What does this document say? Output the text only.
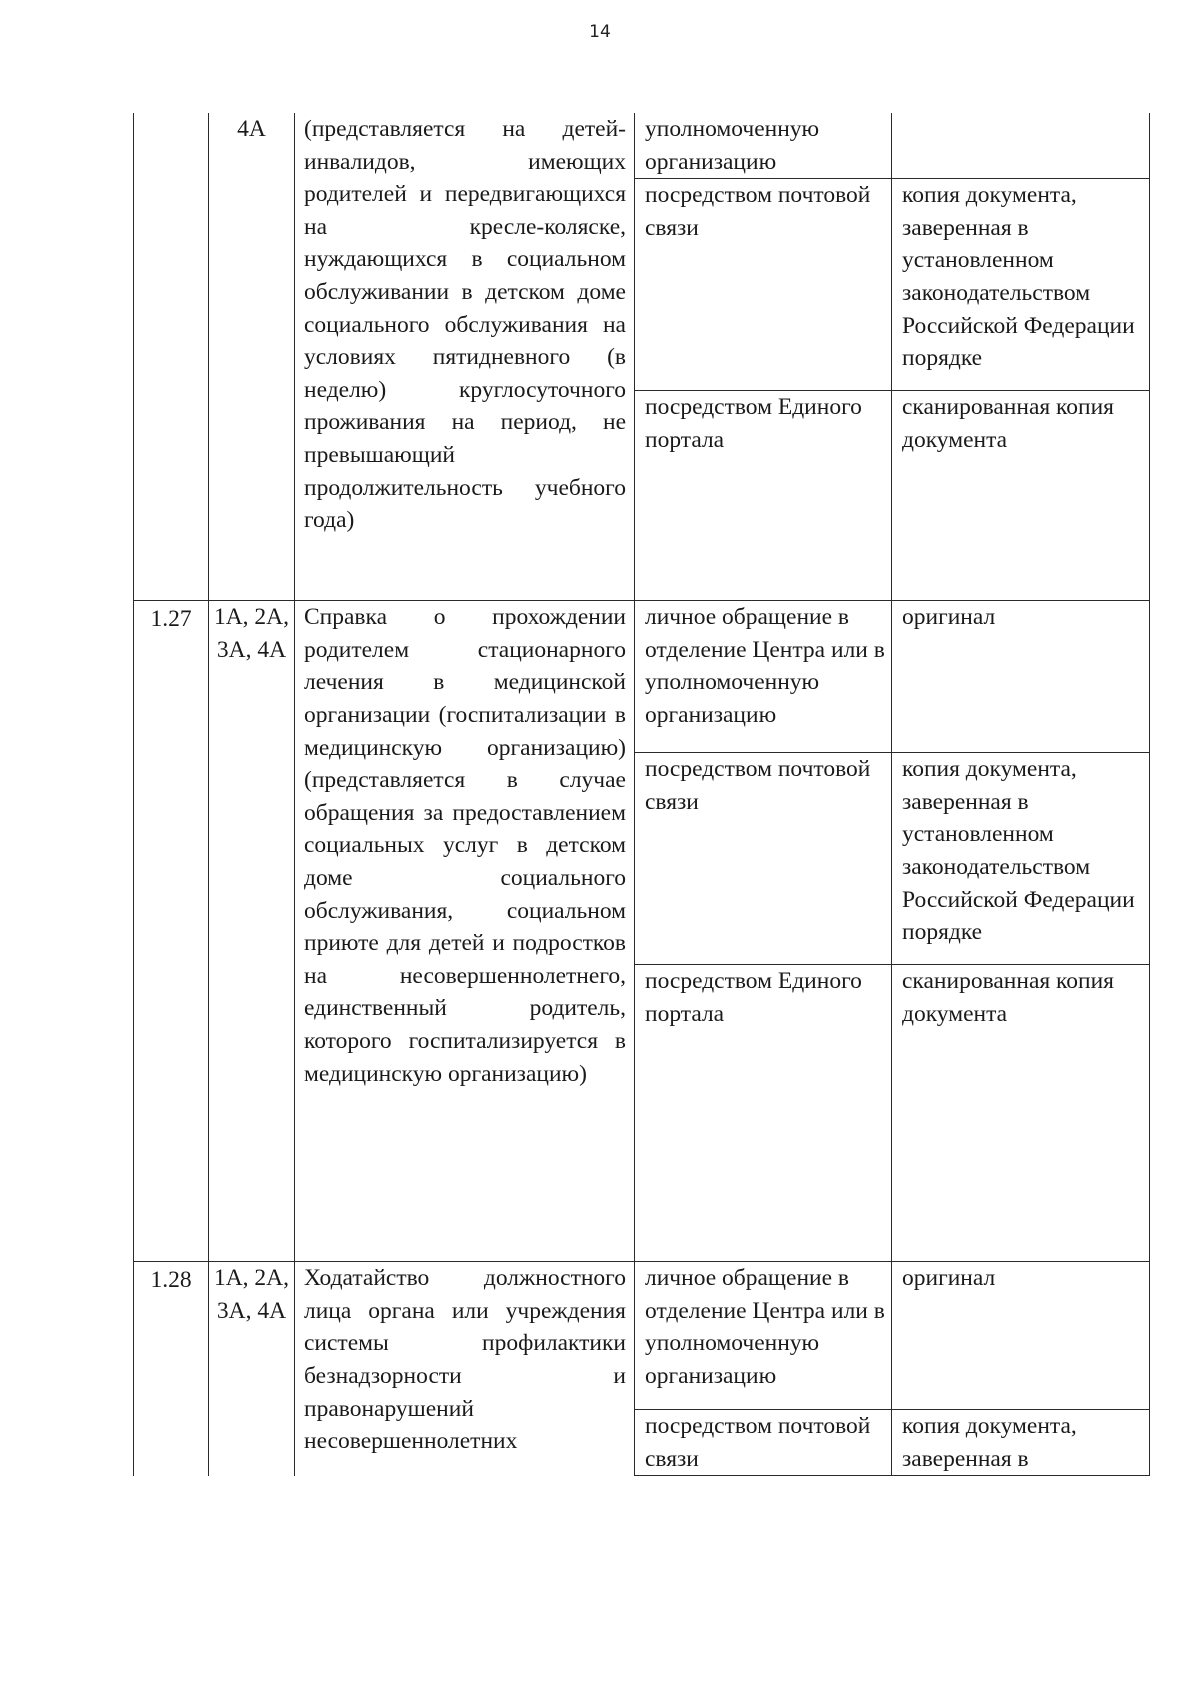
14

	4А	(представляется на детей-инвалидов, имеющих родителей и передвигающихся на кресле-коляске, нуждающихся в социальном обслуживании в детском доме социального обслуживания на условиях пятидневного (в неделю) круглосуточного проживания на период, не превышающий продолжительность учебного года)	уполномоченную организацию	

			посредством почтовой связи	копия документа, заверенная в установленном законодательством Российской Федерации порядке

			посредством Единого портала	сканированная копия документа

1.27	1А, 2А, 3А, 4А	Справка о прохождении родителем стационарного лечения в медицинской организации (госпитализации в медицинскую организацию) (представляется в случае обращения за предоставлением социальных услуг в детском доме социального обслуживания, социальном приюте для детей и подростков на несовершеннолетнего, единственный родитель, которого госпитализируется в медицинскую организацию)	личное обращение в отделение Центра или в уполномоченную организацию	оригинал

			посредством почтовой связи	копия документа, заверенная в установленном законодательством Российской Федерации порядке

			посредством Единого портала	сканированная копия документа

1.28	1А, 2А, 3А, 4А	Ходатайство должностного лица органа или учреждения системы профилактики безнадзорности и правонарушений несовершеннолетних	личное обращение в отделение Центра или в уполномоченную организацию	оригинал

			посредством почтовой связи	копия документа, заверенная в
